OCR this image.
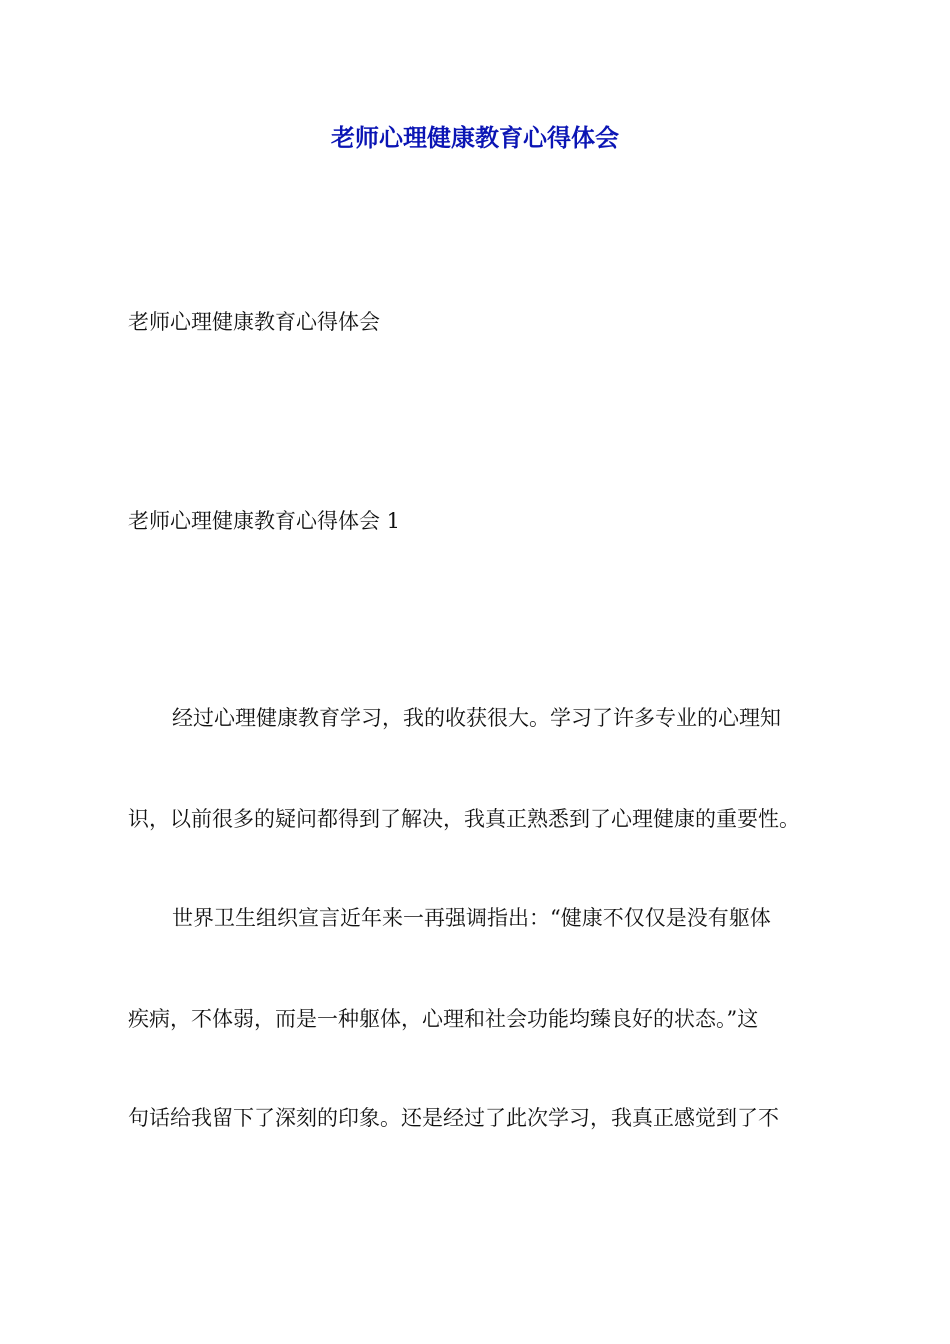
老师心理健康教育心得体会
老师心理健康教育心得体会
老师心理健康教育心得体会 1
经过心理健康教育学习，我的收获很大。学习了许多专业的心理知
识，以前很多的疑问都得到了解决，我真正熟悉到了心理健康的重要性。
世界卫生组织宣言近年来一再强调指出：“健康不仅仅是没有躯体
疾病，不体弱，而是一种躯体，心理和社会功能均臻良好的状态。”这
句话给我留下了深刻的印象。还是经过了此次学习，我真正感觉到了不
